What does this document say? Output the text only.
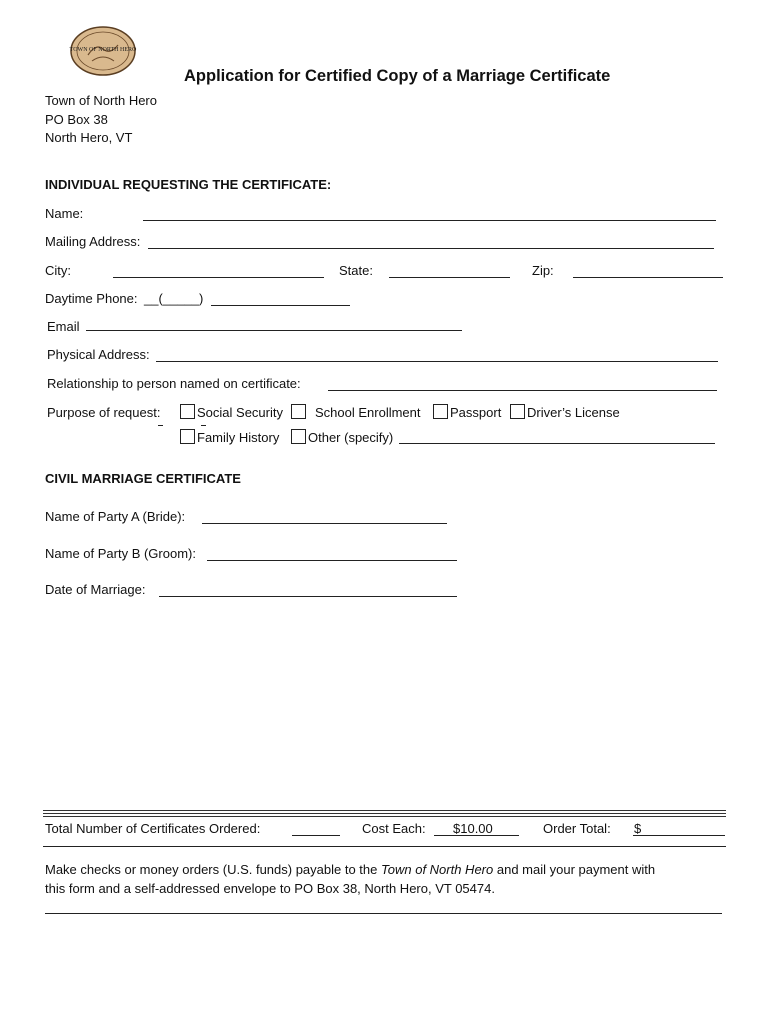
TOWN OF NORTH HERO
Application for Certified Copy of a Marriage Certificate
Town of North Hero
PO Box 38
North Hero, VT
INDIVIDUAL REQUESTING THE CERTIFICATE:
Name:
Mailing Address:
City:	State:	Zip:
Daytime Phone: __(_____)
Email
Physical Address:
Relationship to person named on certificate:
Purpose of request:	Social Security School Enrollment Passport Driver’s License
Family History Other (specify)
CIVIL MARRIAGE CERTIFICATE
Name of Party A (Bride):
Name of Party B (Groom):
Date of Marriage:
Total Number of Certificates Ordered:	Cost Each: $10.00	Order Total: $
Make checks or money orders (U.S. funds) payable to the Town of North Hero and mail your payment with
this form and a self-addressed envelope to PO Box 38, North Hero, VT 05474.
